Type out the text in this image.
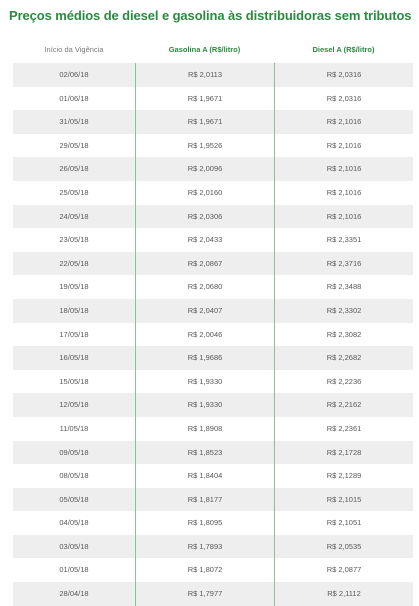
Preços médios de diesel e gasolina às distribuidoras sem tributos
Início da Vigência	Gasolina A (R$/litro)	Diesel A (R$/litro)
02/06/18	R$ 2,0113	R$ 2,0316
01/06/18	R$ 1,9671	R$ 2,0316
31/05/18	R$ 1,9671	R$ 2,1016
29/05/18	R$ 1,9526	R$ 2,1016
26/05/18	R$ 2,0096	R$ 2,1016
25/05/18	R$ 2,0160	R$ 2,1016
24/05/18	R$ 2,0306	R$ 2,1016
23/05/18	R$ 2,0433	R$ 2,3351
22/05/18	R$ 2,0867	R$ 2,3716
19/05/18	R$ 2,0680	R$ 2,3488
18/05/18	R$ 2,0407	R$ 2,3302
17/05/18	R$ 2,0046	R$ 2,3082
16/05/18	R$ 1,9686	R$ 2,2682
15/05/18	R$ 1,9330	R$ 2,2236
12/05/18	R$ 1,9330	R$ 2,2162
11/05/18	R$ 1,8908	R$ 2,2361
09/05/18	R$ 1,8523	R$ 2,1728
08/05/18	R$ 1,8404	R$ 2,1289
05/05/18	R$ 1,8177	R$ 2,1015
04/05/18	R$ 1,8095	R$ 2,1051
03/05/18	R$ 1,7893	R$ 2,0535
01/05/18	R$ 1,8072	R$ 2,0877
28/04/18	R$ 1,7977	R$ 2,1112
